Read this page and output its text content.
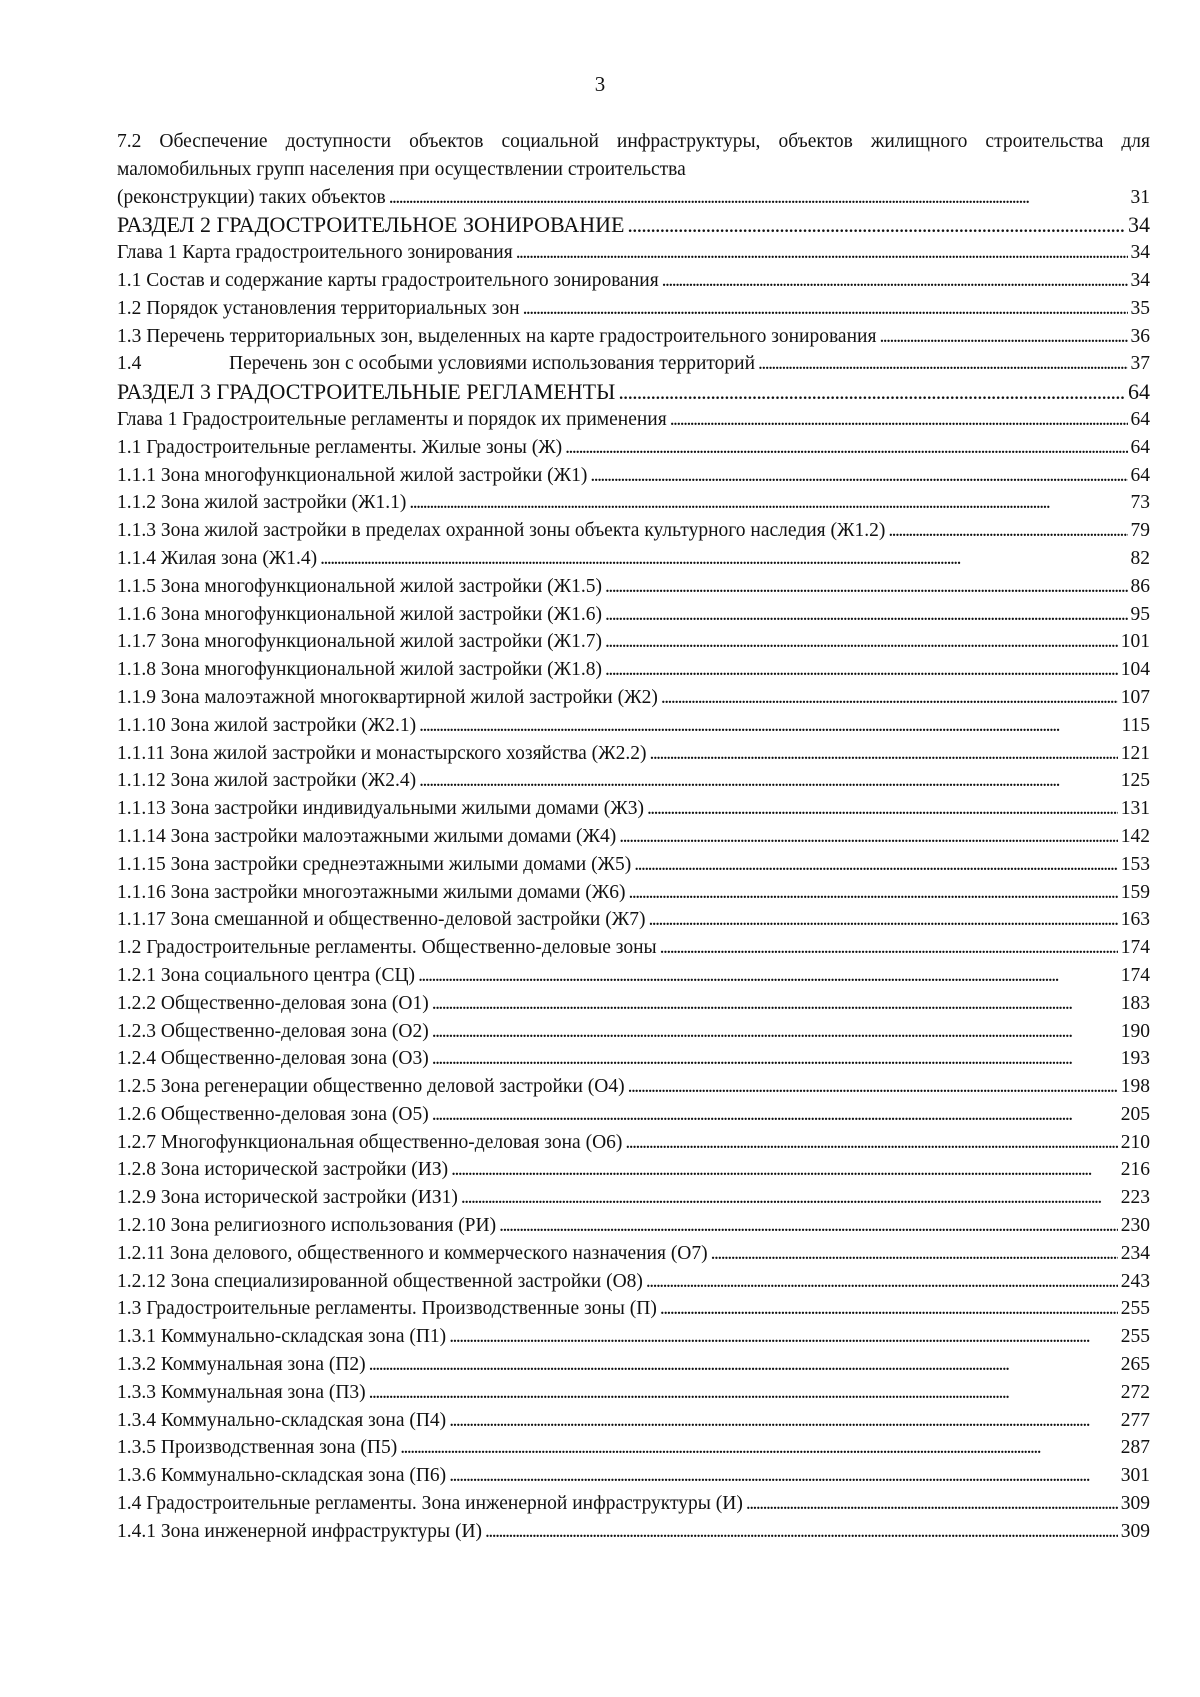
3

7.2 Обеспечение доступности объектов социальной инфраструктуры, объектов жилищного строительства для маломобильных групп населения при осуществлении строительства
(реконструкции) таких объектов . . .	31

РАЗДЕЛ 2 ГРАДОСТРОИТЕЛЬНОЕ ЗОНИРОВАНИЕ . . .	34
Глава 1 Карта градостроительного зонирования . . .	34
1.1 Состав и содержание карты градостроительного зонирования . . .	34
1.2 Порядок установления территориальных зон . . .	35
1.3 Перечень территориальных зон, выделенных на карте градостроительного зонирования . . .	36
1.4	Перечень зон с особыми условиями использования территорий . . .	37
РАЗДЕЛ 3 ГРАДОСТРОИТЕЛЬНЫЕ РЕГЛАМЕНТЫ . . .	64
Глава 1 Градостроительные регламенты и порядок их применения . . .	64
1.1 Градостроительные регламенты. Жилые зоны (Ж) . . .	64
1.1.1 Зона многофункциональной жилой застройки (Ж1) . . .	64
1.1.2 Зона жилой застройки (Ж1.1) . . .	73
1.1.3 Зона жилой застройки в пределах охранной зоны объекта культурного наследия (Ж1.2) . . .	79
1.1.4 Жилая зона (Ж1.4) . . .	82
1.1.5 Зона многофункциональной жилой застройки (Ж1.5) . . .	86
1.1.6 Зона многофункциональной жилой застройки (Ж1.6) . . .	95
1.1.7 Зона многофункциональной жилой застройки (Ж1.7) . . .	101
1.1.8 Зона многофункциональной жилой застройки (Ж1.8) . . .	104
1.1.9 Зона малоэтажной многоквартирной жилой застройки (Ж2) . . .	107
1.1.10 Зона жилой застройки (Ж2.1) . . .	115
1.1.11 Зона жилой застройки и монастырского хозяйства (Ж2.2) . . .	121
1.1.12 Зона жилой застройки (Ж2.4) . . .	125
1.1.13 Зона застройки индивидуальными жилыми домами (Ж3) . . .	131
1.1.14 Зона застройки малоэтажными жилыми домами (Ж4) . . .	142
1.1.15 Зона застройки среднеэтажными жилыми домами (Ж5) . . .	153
1.1.16 Зона застройки многоэтажными жилыми домами (Ж6) . . .	159
1.1.17 Зона смешанной и общественно-деловой застройки (Ж7) . . .	163
1.2 Градостроительные регламенты. Общественно-деловые зоны . . .	174
1.2.1 Зона социального центра (СЦ) . . .	174
1.2.2 Общественно-деловая зона (О1) . . .	183
1.2.3 Общественно-деловая зона (О2) . . .	190
1.2.4 Общественно-деловая зона (О3) . . .	193
1.2.5 Зона регенерации общественно деловой застройки (О4) . . .	198
1.2.6 Общественно-деловая зона (О5) . . .	205
1.2.7 Многофункциональная общественно-деловая зона (О6) . . .	210
1.2.8 Зона исторической застройки (ИЗ) . . .	216
1.2.9 Зона исторической застройки (ИЗ1) . . .	223
1.2.10 Зона религиозного использования (РИ) . . .	230
1.2.11 Зона делового, общественного и коммерческого назначения (О7) . . .	234
1.2.12 Зона специализированной общественной застройки (О8) . . .	243
1.3 Градостроительные регламенты. Производственные зоны (П) . . .	255
1.3.1 Коммунально-складская зона (П1) . . .	255
1.3.2 Коммунальная зона (П2) . . .	265
1.3.3 Коммунальная зона (П3) . . .	272
1.3.4 Коммунально-складская зона (П4) . . .	277
1.3.5 Производственная зона (П5) . . .	287
1.3.6 Коммунально-складская зона (П6) . . .	301
1.4 Градостроительные регламенты. Зона инженерной инфраструктуры (И) . . .	309
1.4.1 Зона инженерной инфраструктуры (И) . . .	309
